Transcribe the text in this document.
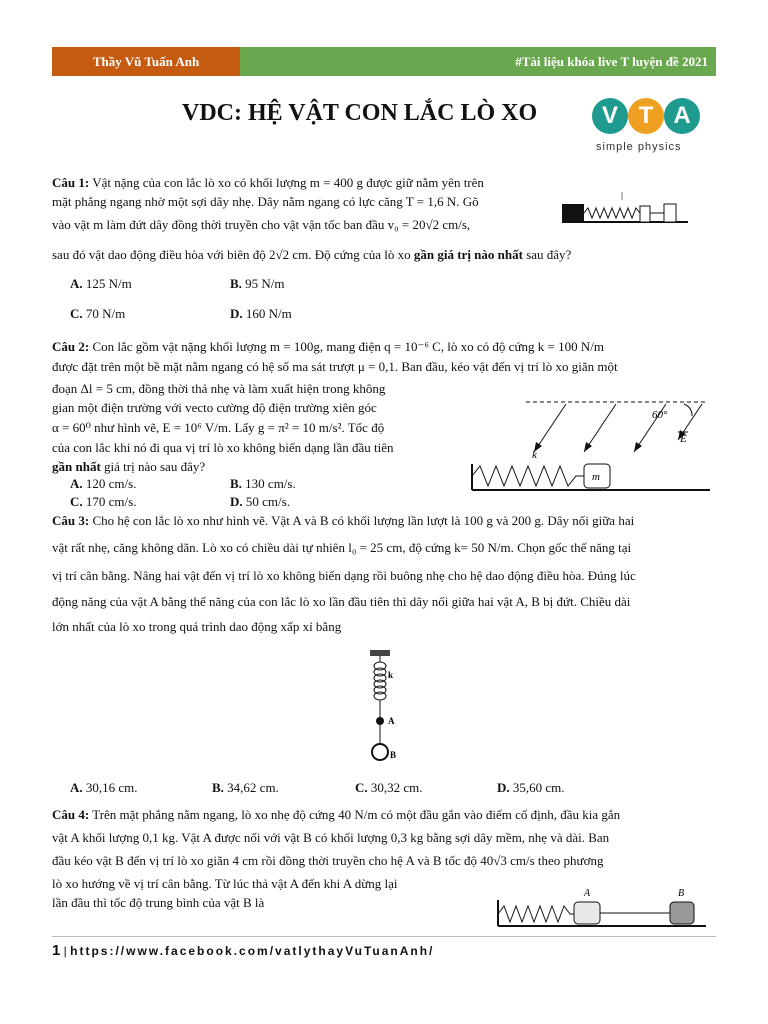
Thầy Vũ Tuấn Anh	#Tài liệu khóa live T luyện đề 2021
VDC: HỆ VẬT CON LẮC LÒ XO	V T A
simple physics
Câu 1: Vật nặng của con lắc lò xo có khối lượng m = 400 g được giữ nằm yên trên
mặt phẳng ngang nhờ một sợi dây nhẹ. Dây nằm ngang có lực căng T = 1,6 N. Gõ
vào vật m làm đứt dây đồng thời truyền cho vật vận tốc ban đầu v₀ = 20√2 cm/s,
sau đó vật dao động điều hòa với biên độ 2√2 cm. Độ cứng của lò xo gần giá trị nào nhất sau đây?
A. 125 N/m	B. 95 N/m
C. 70 N/m	D. 160 N/m
Câu 2: Con lắc gồm vật nặng khối lượng m = 100g, mang điện q = 10⁻⁶ C, lò xo có độ cứng k = 100 N/m
được đặt trên một bề mặt nằm ngang có hệ số ma sát trượt μ = 0,1. Ban đầu, kéo vật đến vị trí lò xo giãn một
đoạn Δl = 5 cm, đồng thời thả nhẹ và làm xuất hiện trong không
gian một điện trường với vecto cường độ điện trường xiên góc
α = 60⁰ như hình vẽ, E = 10⁶ V/m. Lấy g = π² = 10 m/s². Tốc độ
của con lắc khi nó đi qua vị trí lò xo không biến dạng lần đầu tiên
gần nhất giá trị nào sau đây?
A. 120 cm/s.	B. 130 cm/s.
C. 170 cm/s.	D. 50 cm/s.
60°
E
k
m
Câu 3: Cho hệ con lắc lò xo như hình vẽ. Vật A và B có khối lượng lần lượt là 100 g và 200 g. Dây nối giữa hai
vật rất nhẹ, căng không dãn. Lò xo có chiều dài tự nhiên l₀ = 25 cm, độ cứng k= 50 N/m. Chọn gốc thế năng tại
vị trí cân bằng. Nâng hai vật đến vị trí lò xo không biến dạng rồi buông nhẹ cho hệ dao động điều hòa. Đúng lúc
động năng của vật A bằng thế năng của con lắc lò xo lần đầu tiên thì dây nối giữa hai vật A, B bị đứt. Chiều dài
lớn nhất của lò xo trong quá trình dao động xấp xỉ bằng
k
A
B
A. 30,16 cm.	B. 34,62 cm.	C. 30,32 cm.	D. 35,60 cm.
Câu 4: Trên mặt phẳng nằm ngang, lò xo nhẹ độ cứng 40 N/m có một đầu gắn vào điểm cố định, đầu kia gắn
vật A khối lượng 0,1 kg. Vật A được nối với vật B có khối lượng 0,3 kg bằng sợi dây mềm, nhẹ và dài. Ban
đầu kéo vật B đến vị trí lò xo giãn 4 cm rồi đồng thời truyền cho hệ A và B tốc độ 40√3 cm/s theo phương
lò xo hướng về vị trí cân bằng. Từ lúc thả vật A đến khi A dừng lại
lần đầu thì tốc độ trung bình của vật B là
A	B
1 | https://www.facebook.com/vatlythayVuTuanAnh/
